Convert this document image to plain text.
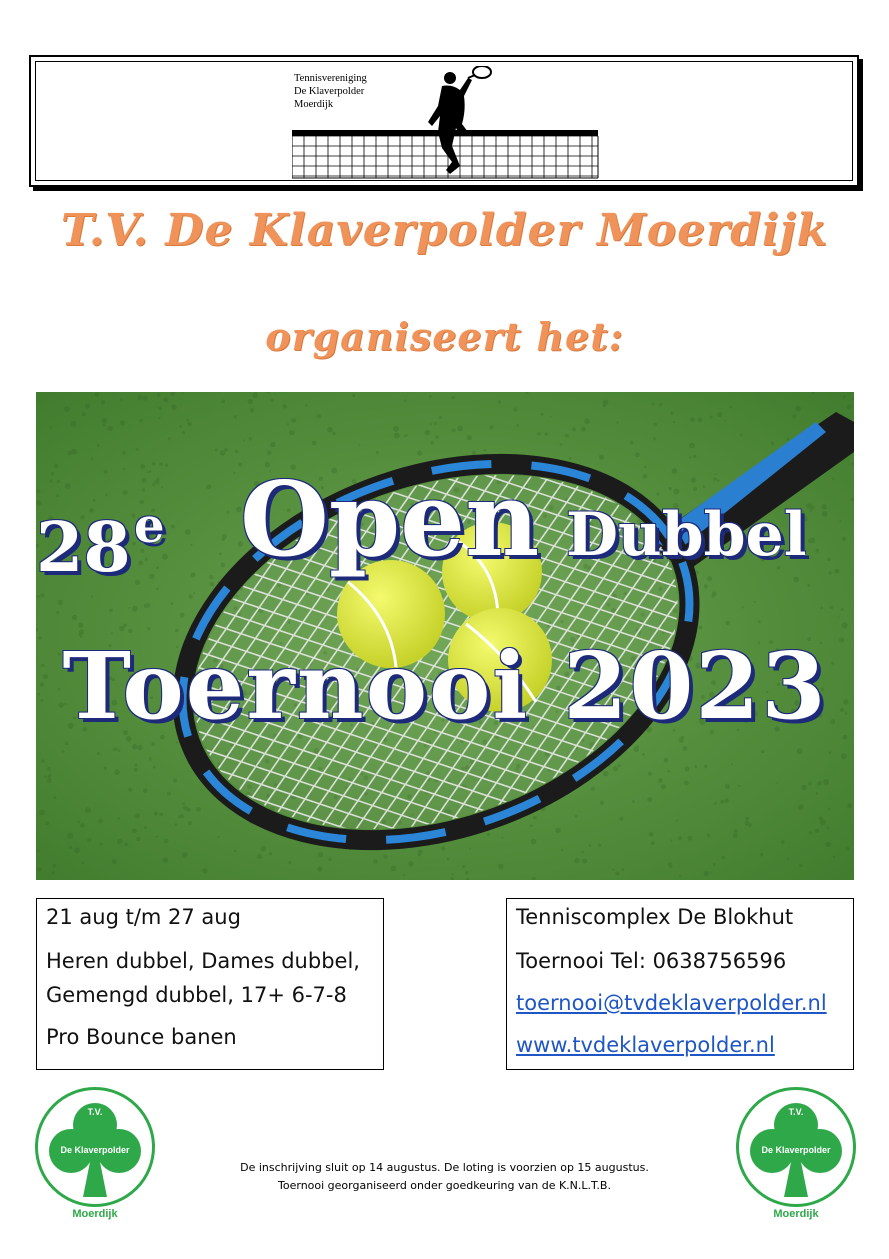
Tennisvereniging
De Klaverpolder
Moerdijk
T.V. De Klaverpolder Moerdijk
organiseert het:
28 e Open Dubbel
Toernooi 2023
21 aug t/m 27 aug
Heren dubbel, Dames dubbel,
Gemengd dubbel, 17+ 6-7-8
Pro Bounce banen
Tenniscomplex De Blokhut
Toernooi Tel: 0638756596
toernooi@tvdeklaverpolder.nl
www.tvdeklaverpolder.nl
T.V.
De Klaverpolder
Moerdijk
T.V.
De Klaverpolder
Moerdijk
De inschrijving sluit op 14 augustus. De loting is voorzien op 15 augustus.
Toernooi georganiseerd onder goedkeuring van de K.N.L.T.B.
